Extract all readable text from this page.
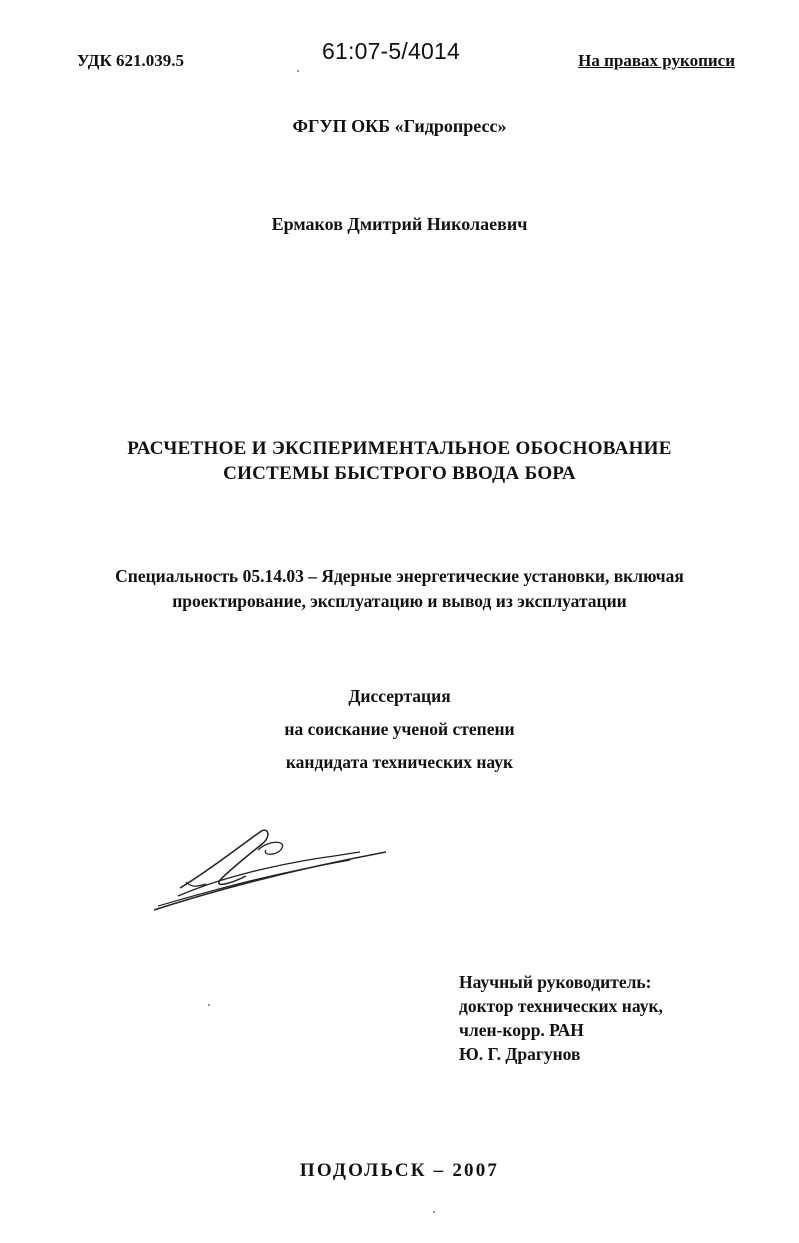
УДК 621.039.5	61:07-5/4014	На правах рукописи
ФГУП ОКБ «Гидропресс»
Ермаков Дмитрий Николаевич
РАСЧЕТНОЕ И ЭКСПЕРИМЕНТАЛЬНОЕ ОБОСНОВАНИЕ
СИСТЕМЫ БЫСТРОГО ВВОДА БОРА
Специальность 05.14.03 – Ядерные энергетические установки, включая
проектирование, эксплуатацию и вывод из эксплуатации
Диссертация
на соискание ученой степени
кандидата технических наук
Научный руководитель:
доктор технических наук,
член-корр. РАН
Ю. Г. Драгунов
ПОДОЛЬСК – 2007
